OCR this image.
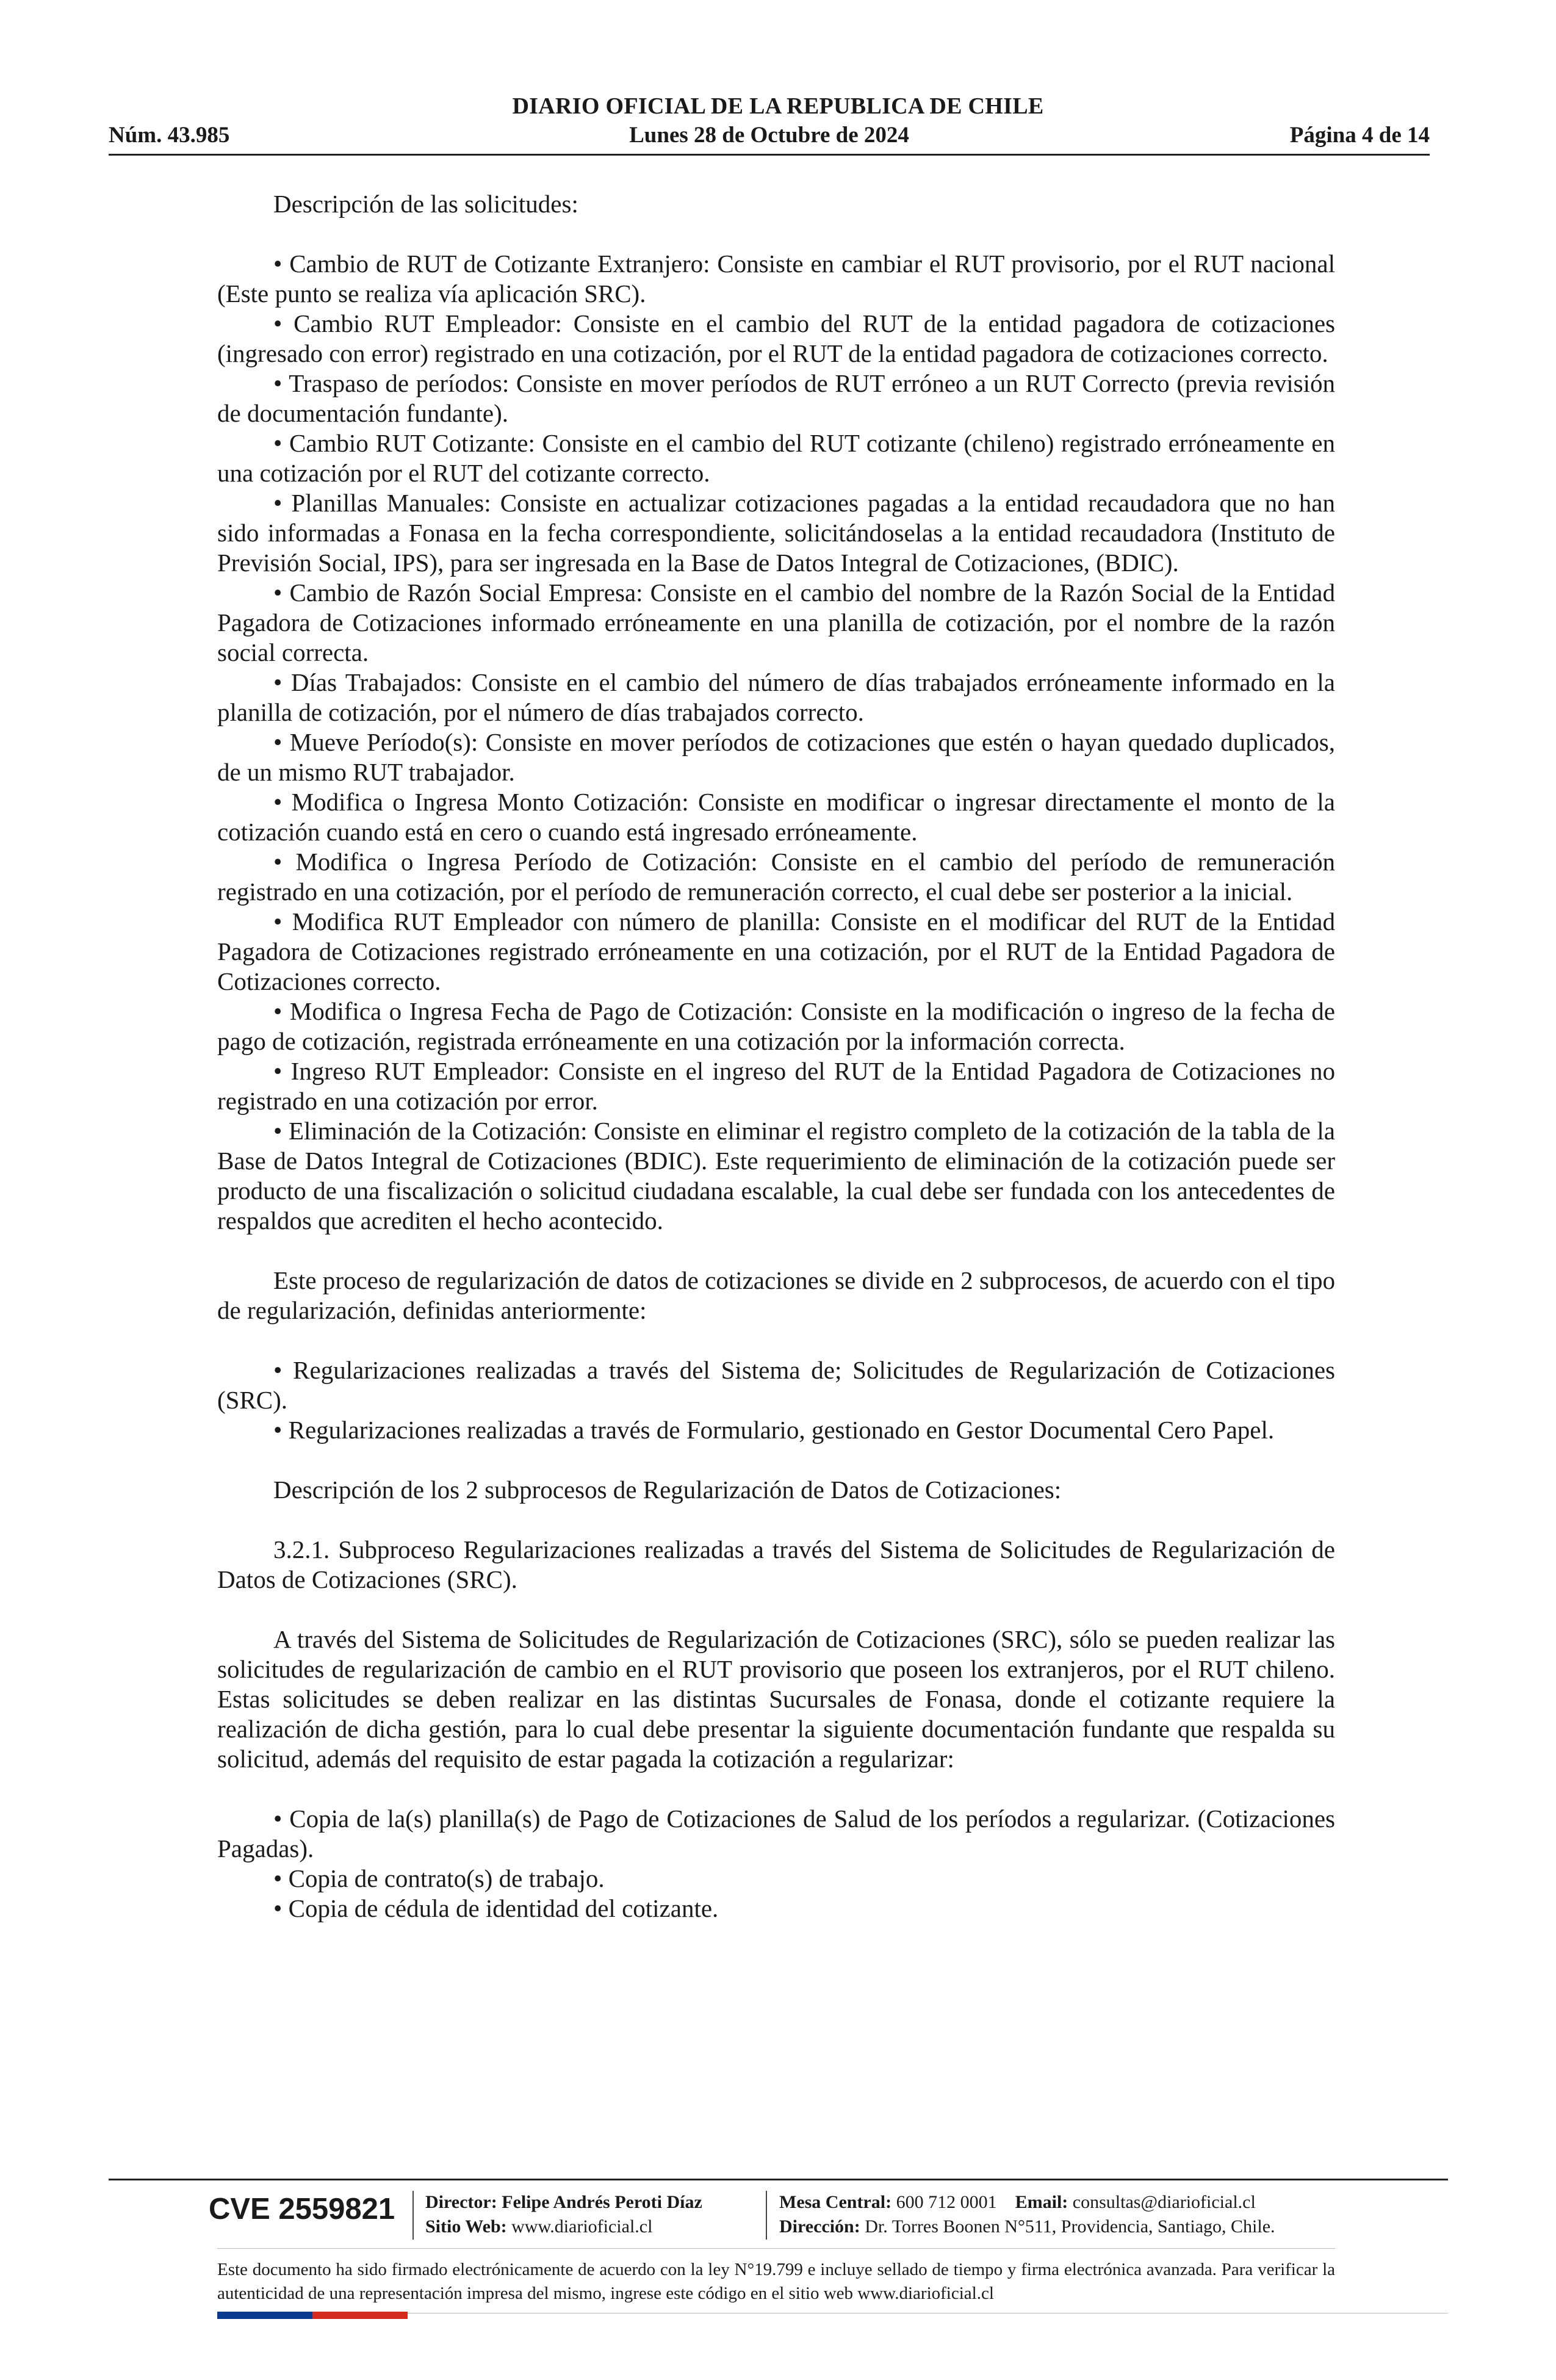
DIARIO OFICIAL DE LA REPUBLICA DE CHILE
Núm. 43.985	Lunes 28 de Octubre de 2024	Página 4 de 14

Descripción de las solicitudes:

• Cambio de RUT de Cotizante Extranjero: Consiste en cambiar el RUT provisorio, por el RUT nacional (Este punto se realiza vía aplicación SRC).

• Cambio RUT Empleador: Consiste en el cambio del RUT de la entidad pagadora de cotizaciones (ingresado con error) registrado en una cotización, por el RUT de la entidad pagadora de cotizaciones correcto.

• Traspaso de períodos: Consiste en mover períodos de RUT erróneo a un RUT Correcto (previa revisión de documentación fundante).

• Cambio RUT Cotizante: Consiste en el cambio del RUT cotizante (chileno) registrado erróneamente en una cotización por el RUT del cotizante correcto.

• Planillas Manuales: Consiste en actualizar cotizaciones pagadas a la entidad recaudadora que no han sido informadas a Fonasa en la fecha correspondiente, solicitándoselas a la entidad recaudadora (Instituto de Previsión Social, IPS), para ser ingresada en la Base de Datos Integral de Cotizaciones, (BDIC).

• Cambio de Razón Social Empresa: Consiste en el cambio del nombre de la Razón Social de la Entidad Pagadora de Cotizaciones informado erróneamente en una planilla de cotización, por el nombre de la razón social correcta.

• Días Trabajados: Consiste en el cambio del número de días trabajados erróneamente informado en la planilla de cotización, por el número de días trabajados correcto.

• Mueve Período(s): Consiste en mover períodos de cotizaciones que estén o hayan quedado duplicados, de un mismo RUT trabajador.

• Modifica o Ingresa Monto Cotización: Consiste en modificar o ingresar directamente el monto de la cotización cuando está en cero o cuando está ingresado erróneamente.

• Modifica o Ingresa Período de Cotización: Consiste en el cambio del período de remuneración registrado en una cotización, por el período de remuneración correcto, el cual debe ser posterior a la inicial.

• Modifica RUT Empleador con número de planilla: Consiste en el modificar del RUT de la Entidad Pagadora de Cotizaciones registrado erróneamente en una cotización, por el RUT de la Entidad Pagadora de Cotizaciones correcto.

• Modifica o Ingresa Fecha de Pago de Cotización: Consiste en la modificación o ingreso de la fecha de pago de cotización, registrada erróneamente en una cotización por la información correcta.

• Ingreso RUT Empleador: Consiste en el ingreso del RUT de la Entidad Pagadora de Cotizaciones no registrado en una cotización por error.

• Eliminación de la Cotización: Consiste en eliminar el registro completo de la cotización de la tabla de la Base de Datos Integral de Cotizaciones (BDIC). Este requerimiento de eliminación de la cotización puede ser producto de una fiscalización o solicitud ciudadana escalable, la cual debe ser fundada con los antecedentes de respaldos que acrediten el hecho acontecido.

Este proceso de regularización de datos de cotizaciones se divide en 2 subprocesos, de acuerdo con el tipo de regularización, definidas anteriormente:

• Regularizaciones realizadas a través del Sistema de; Solicitudes de Regularización de Cotizaciones (SRC).

• Regularizaciones realizadas a través de Formulario, gestionado en Gestor Documental Cero Papel.

Descripción de los 2 subprocesos de Regularización de Datos de Cotizaciones:

3.2.1. Subproceso Regularizaciones realizadas a través del Sistema de Solicitudes de Regularización de Datos de Cotizaciones (SRC).

A través del Sistema de Solicitudes de Regularización de Cotizaciones (SRC), sólo se pueden realizar las solicitudes de regularización de cambio en el RUT provisorio que poseen los extranjeros, por el RUT chileno. Estas solicitudes se deben realizar en las distintas Sucursales de Fonasa, donde el cotizante requiere la realización de dicha gestión, para lo cual debe presentar la siguiente documentación fundante que respalda su solicitud, además del requisito de estar pagada la cotización a regularizar:

• Copia de la(s) planilla(s) de Pago de Cotizaciones de Salud de los períodos a regularizar. (Cotizaciones Pagadas).

• Copia de contrato(s) de trabajo.

• Copia de cédula de identidad del cotizante.

CVE 2559821 Director: Felipe Andrés Peroti Díaz
Sitio Web: www.diarioficial.cl
Mesa Central: 600 712 0001 Email: consultas@diarioficial.cl
Dirección: Dr. Torres Boonen N°511, Providencia, Santiago, Chile.
Este documento ha sido firmado electrónicamente de acuerdo con la ley N°19.799 e incluye sellado de tiempo y firma electrónica avanzada. Para verificar la autenticidad de una representación impresa del mismo, ingrese este código en el sitio web www.diarioficial.cl
